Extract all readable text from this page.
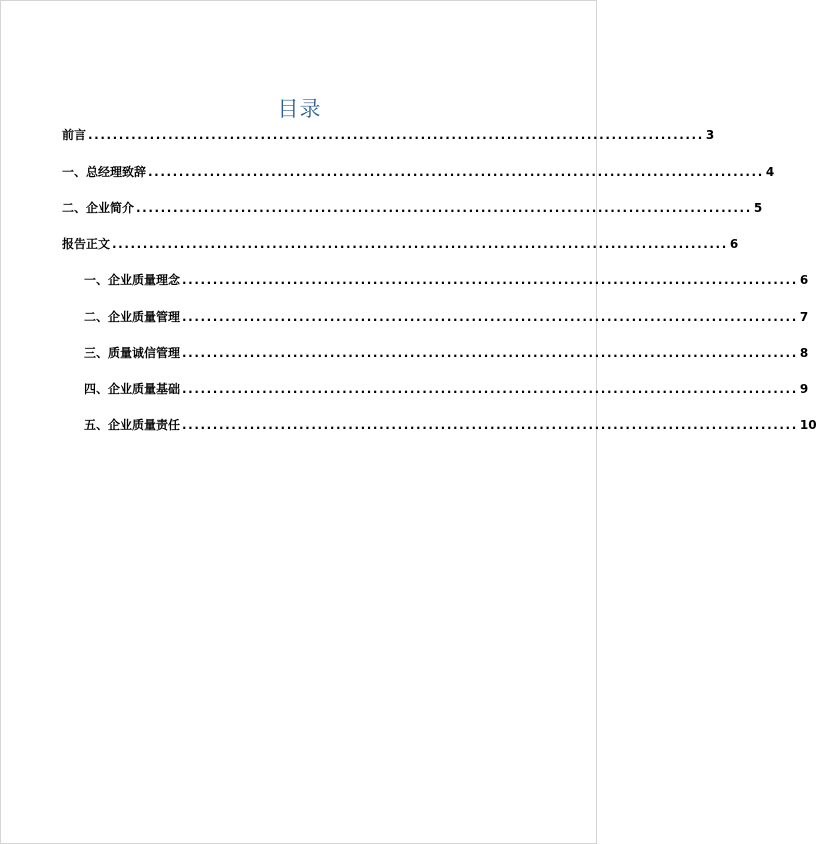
目录
前言 .................................................................................................... 3
一、总经理致辞 .................................................................................................... 4
二、企业简介 .................................................................................................... 5
报告正文 .................................................................................................... 6
一、企业质量理念 .................................................................................................... 6
二、企业质量管理 .................................................................................................... 7
三、质量诚信管理 .................................................................................................... 8
四、企业质量基础 .................................................................................................... 9
五、企业质量责任 .................................................................................................... 10
